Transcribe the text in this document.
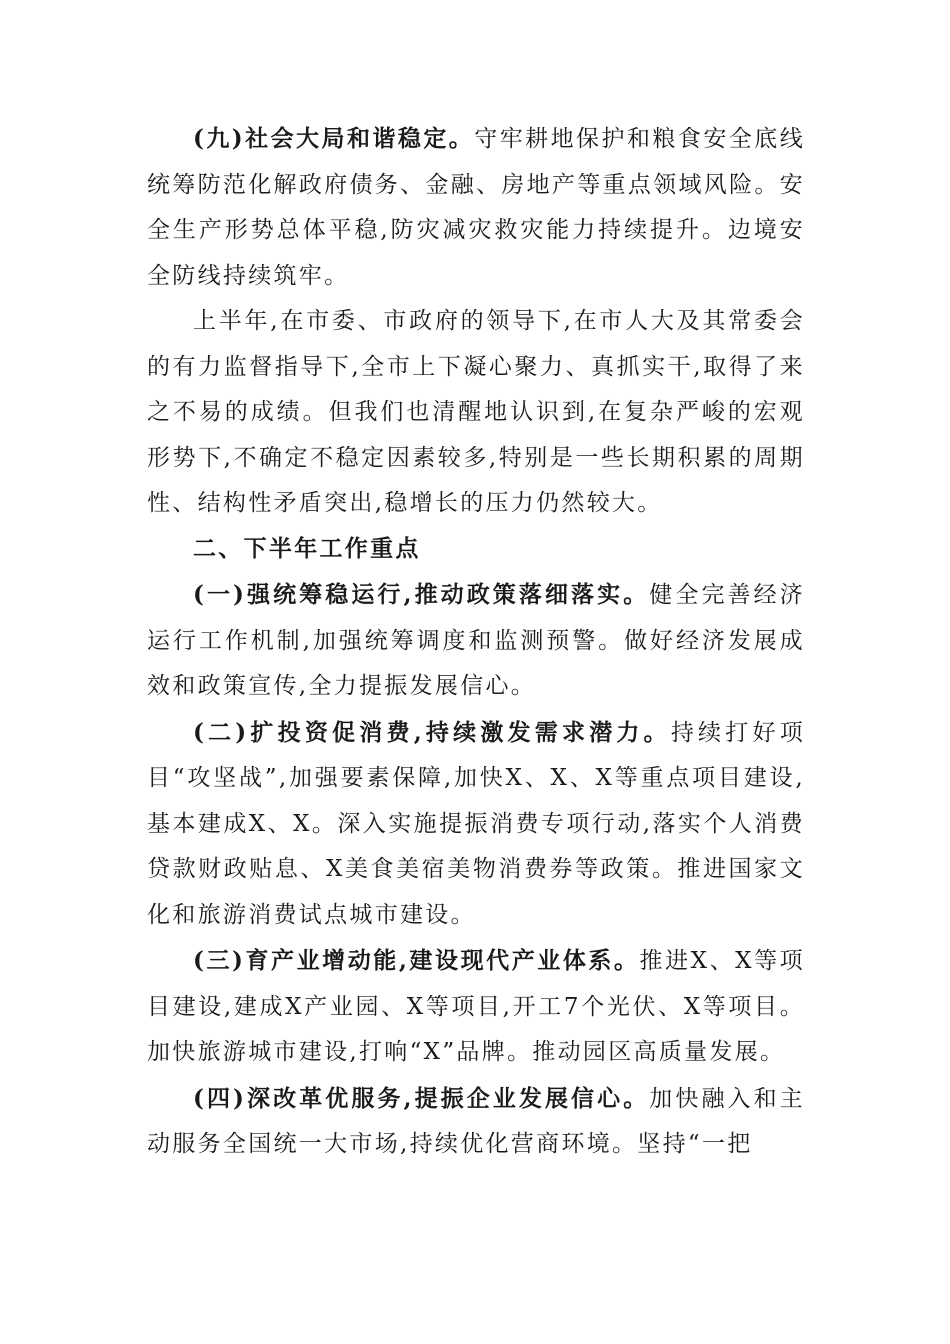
(九)社会大局和谐稳定。守牢耕地保护和粮食安全底线统筹防范化解政府债务、金融、房地产等重点领域风险。安全生产形势总体平稳,防灾减灾救灾能力持续提升。边境安全防线持续筑牢。

上半年,在市委、市政府的领导下,在市人大及其常委会的有力监督指导下,全市上下凝心聚力、真抓实干,取得了来之不易的成绩。但我们也清醒地认识到,在复杂严峻的宏观形势下,不确定不稳定因素较多,特别是一些长期积累的周期性、结构性矛盾突出,稳增长的压力仍然较大。

二、下半年工作重点

(一)强统筹稳运行,推动政策落细落实。健全完善经济运行工作机制,加强统筹调度和监测预警。做好经济发展成效和政策宣传,全力提振发展信心。

(二)扩投资促消费,持续激发需求潜力。持续打好项目“攻坚战”,加强要素保障,加快X、X、X等重点项目建设,基本建成X、X。深入实施提振消费专项行动,落实个人消费贷款财政贴息、X美食美宿美物消费券等政策。推进国家文化和旅游消费试点城市建设。

(三)育产业增动能,建设现代产业体系。推进X、X等项目建设,建成X产业园、X等项目,开工7个光伏、X等项目。加快旅游城市建设,打响“X”品牌。推动园区高质量发展。

(四)深改革优服务,提振企业发展信心。加快融入和主动服务全国统一大市场,持续优化营商环境。坚持“一把
